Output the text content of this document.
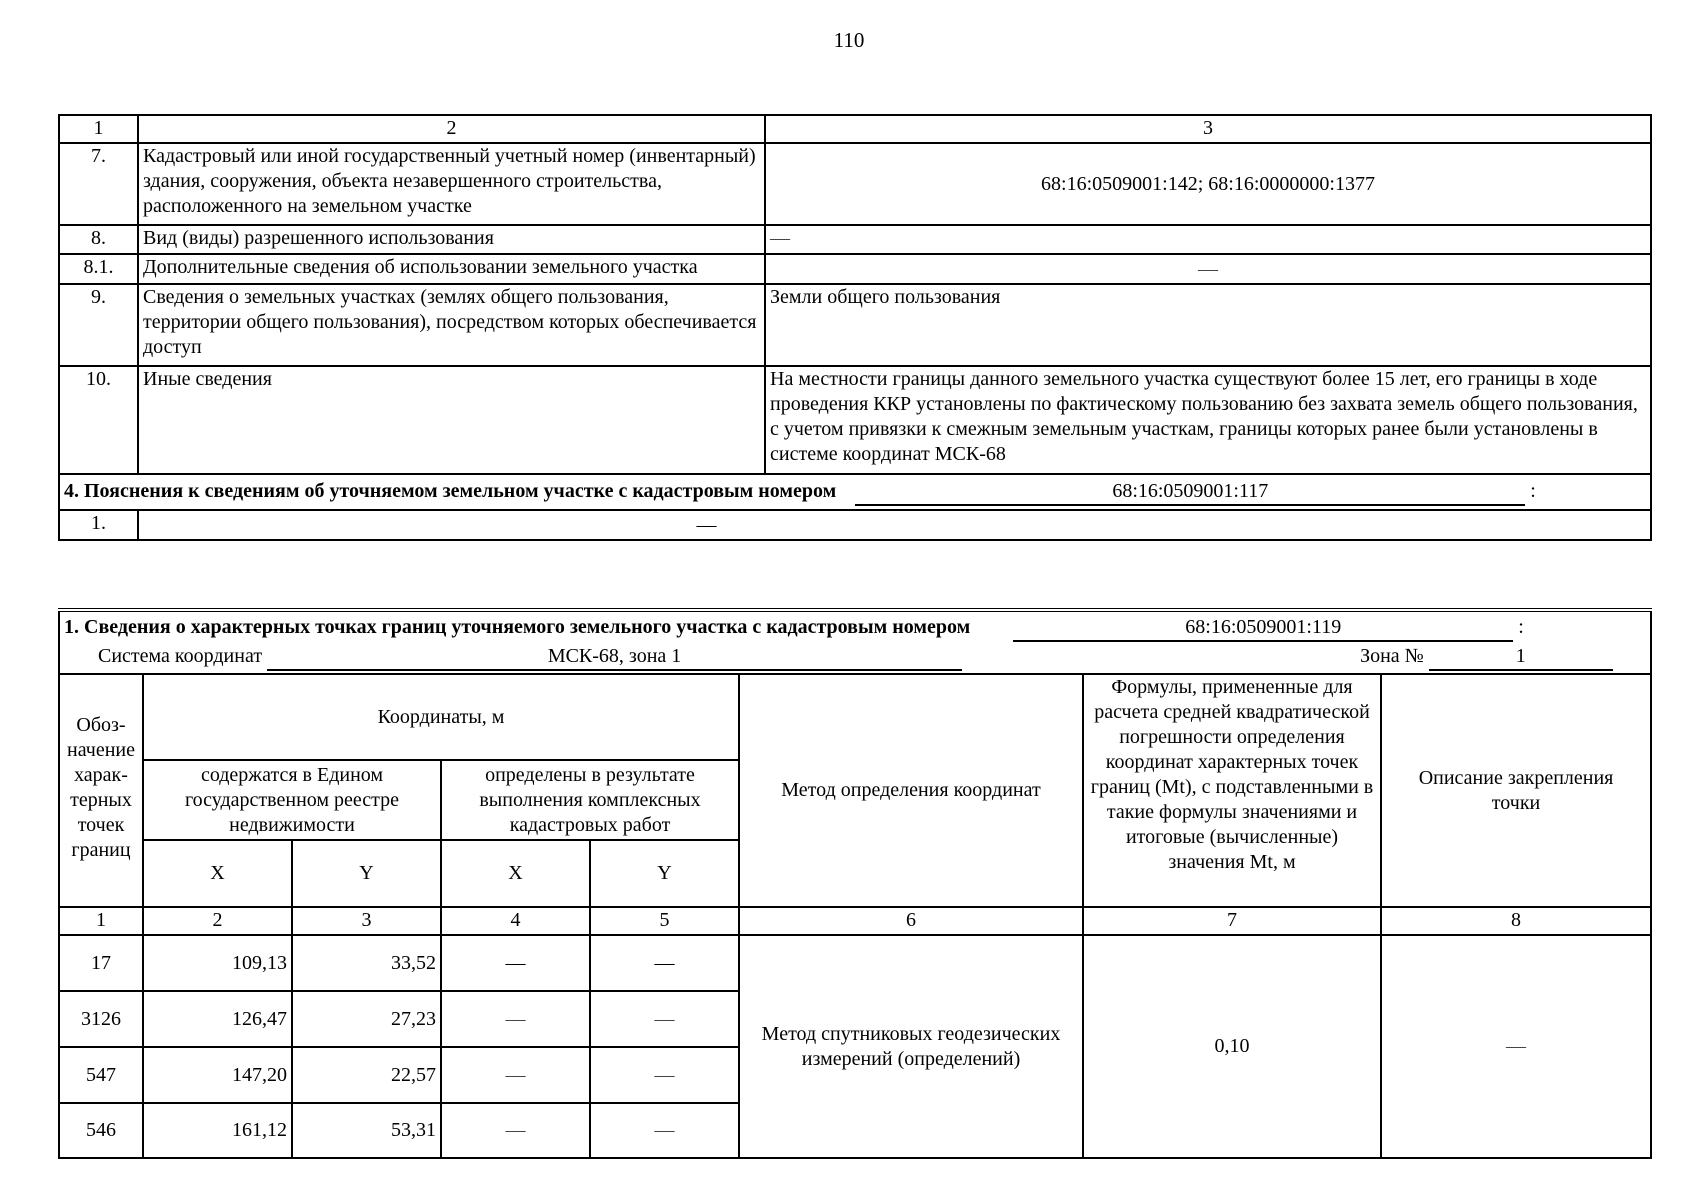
110
1	2	3
7.	Кадастровый или иной государственный учетный номер (инвентарный) здания, сооружения, объекта незавершенного строительства, расположенного на земельном участке	68:16:0509001:142; 68:16:0000000:1377
8.	Вид (виды) разрешенного использования	—
8.1.	Дополнительные сведения об использовании земельного участка	—
9.	Сведения о земельных участках (землях общего пользования, территории общего пользования), посредством которых обеспечивается доступ	Земли общего пользования
10.	Иные сведения	На местности границы данного земельного участка существуют более 15 лет, его границы в ходе проведения ККР установлены по фактическому пользованию без захвата земель общего пользования, с учетом привязки к смежным земельным участкам, границы которых ранее были установлены в системе координат МСК-68
4. Пояснения к сведениям об уточняемом земельном участке с кадастровым номером 68:16:0509001:117 :		
1.	—	
1. Сведения о характерных точках границ уточняемого земельного участка с кадастровым номером 68:16:0509001:119 :							
Система координат МСК-68, зона 1 Зона № 1							
Обоз-начение харак-терных точек границ	Координаты, м				Метод определения координат	Формулы, примененные для расчета средней квадратической погрешности определения координат характерных точек границ (Mt), с подставленными в такие формулы значениями и итоговые (вычисленные) значения Mt, м	Описание закрепления точки
	содержатся в Едином государственном реестре недвижимости		определены в результате выполнения комплексных кадастровых работ				
	X	Y	X	Y			
1	2	3	4	5	6	7	8
17	109,13	33,52	—	—	Метод спутниковых геодезических измерений (определений)	0,10	—
3126	126,47	27,23	—	—			
547	147,20	22,57	—	—			
546	161,12	53,31	—	—			
